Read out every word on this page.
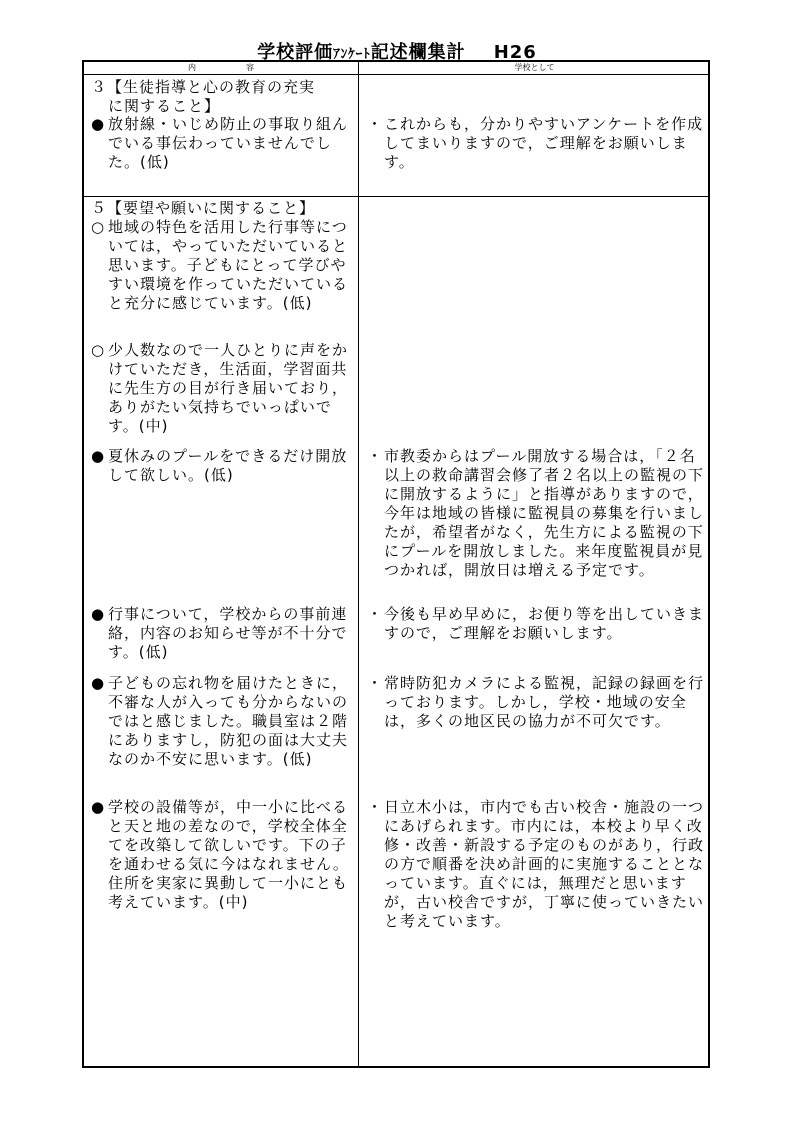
学校評価ｱﾝｹｰﾄ記述欄集計 H26
内容	学校として
３【生徒指導と心の教育の充実
に関すること】
● 放射線・いじめ防止の事取り組んでいる事伝わっていませんでした。(低)
・ これからも，分かりやすいアンケートを作成してまいりますので，ご理解をお願いします。
５【要望や願いに関すること】
○ 地域の特色を活用した行事等については，やっていただいていると思います。子どもにとって学びやすい環境を作っていただいていると充分に感じています。(低)
○ 少人数なので一人ひとりに声をかけていただき，生活面，学習面共に先生方の目が行き届いており，ありがたい気持ちでいっぱいです。(中)
● 夏休みのプールをできるだけ開放して欲しい。(低)
・ 市教委からはプール開放する場合は，「２名以上の救命講習会修了者２名以上の監視の下に開放するように」と指導がありますので，今年は地域の皆様に監視員の募集を行いましたが，希望者がなく，先生方による監視の下にプールを開放しました。来年度監視員が見つかれば，開放日は増える予定です。
● 行事について，学校からの事前連絡，内容のお知らせ等が不十分です。(低)
・ 今後も早め早めに，お便り等を出していきますので，ご理解をお願いします。
● 子どもの忘れ物を届けたときに，不審な人が入っても分からないのではと感じました。職員室は２階にありますし，防犯の面は大丈夫なのか不安に思います。(低)
・ 常時防犯カメラによる監視，記録の録画を行っております。しかし，学校・地域の安全は，多くの地区民の協力が不可欠です。
● 学校の設備等が，中一小に比べると天と地の差なので，学校全体全てを改築して欲しいです。下の子を通わせる気に今はなれません。住所を実家に異動して一小にとも考えています。(中)
・ 日立木小は，市内でも古い校舎・施設の一つにあげられます。市内には，本校より早く改修・改善・新設する予定のものがあり，行政の方で順番を決め計画的に実施することとなっています。直ぐには，無理だと思いますが，古い校舎ですが，丁寧に使っていきたいと考えています。
